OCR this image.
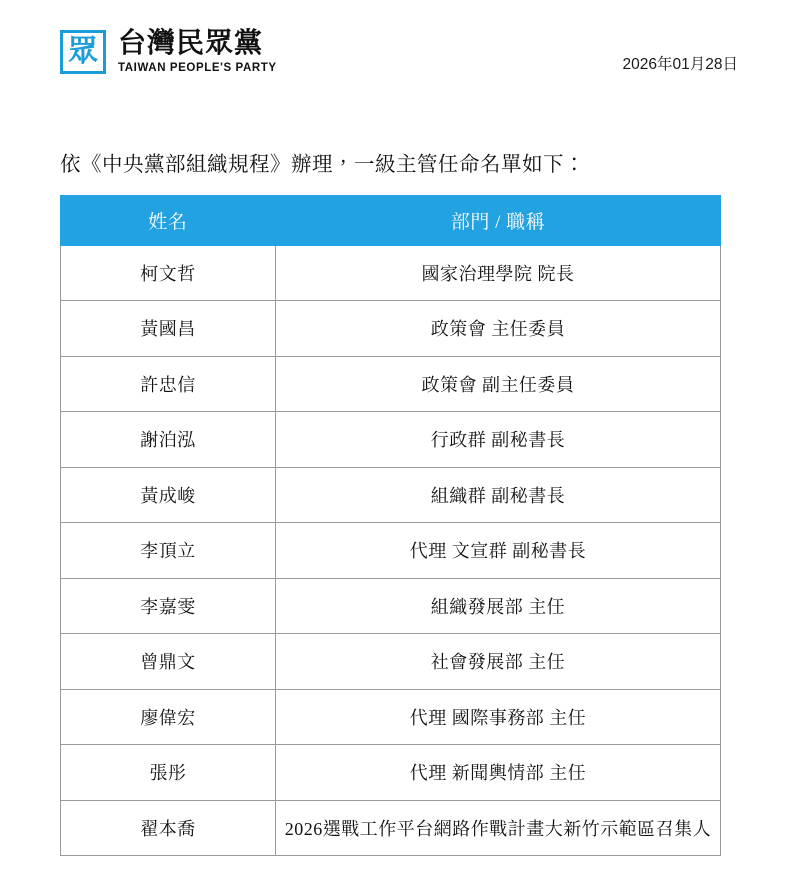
眾 台灣民眾黨
TAIWAN PEOPLE'S PARTY	2026年01月28日
依《中央黨部組織規程》辦理，一級主管任命名單如下：
姓名	部門 / 職稱
柯文哲	國家治理學院 院長
黃國昌	政策會 主任委員
許忠信	政策會 副主任委員
謝泊泓	行政群 副秘書長
黃成峻	組織群 副秘書長
李頂立	代理 文宣群 副秘書長
李嘉雯	組織發展部 主任
曾鼎文	社會發展部 主任
廖偉宏	代理 國際事務部 主任
張彤	代理 新聞輿情部 主任
翟本喬	2026選戰工作平台網路作戰計畫大新竹示範區召集人
